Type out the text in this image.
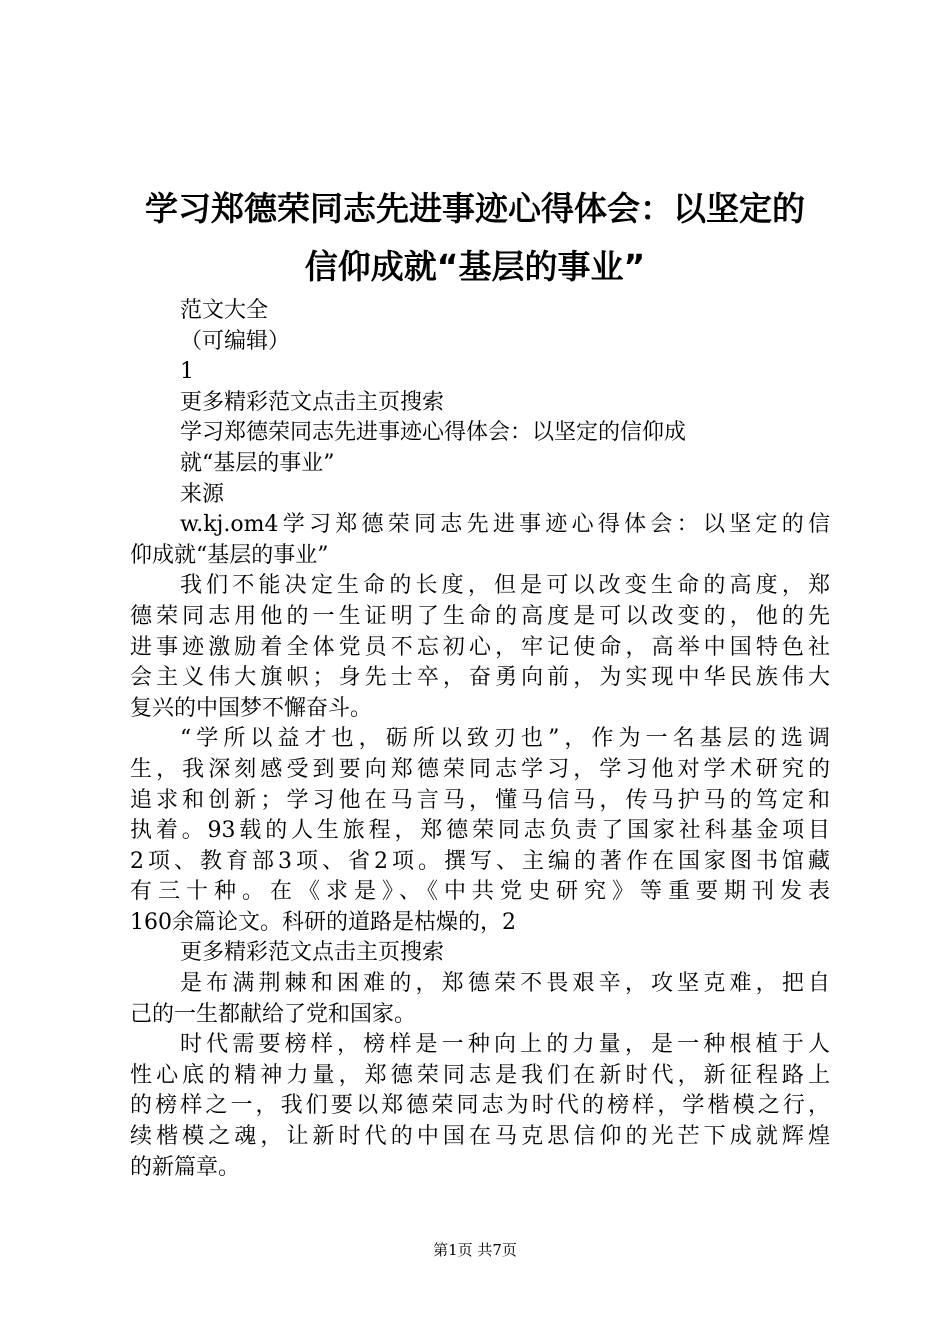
学习郑德荣同志先进事迹心得体会：以坚定的
信仰成就“基层的事业”
范文大全
（可编辑）
1
更多精彩范文点击主页搜索
学习郑德荣同志先进事迹心得体会：以坚定的信仰成
就“基层的事业”
来源
w.kj.om4学习郑德荣同志先进事迹心得体会：以坚定的信
仰成就“基层的事业”
我们不能决定生命的长度，但是可以改变生命的高度，郑
德荣同志用他的一生证明了生命的高度是可以改变的，他的先
进事迹激励着全体党员不忘初心，牢记使命，高举中国特色社
会主义伟大旗帜；身先士卒，奋勇向前，为实现中华民族伟大
复兴的中国梦不懈奋斗。
“学所以益才也，砺所以致刃也”，作为一名基层的选调
生，我深刻感受到要向郑德荣同志学习，学习他对学术研究的
追求和创新；学习他在马言马，懂马信马，传马护马的笃定和
执着。93载的人生旅程，郑德荣同志负责了国家社科基金项目
2项、教育部3项、省2项。撰写、主编的著作在国家图书馆藏
有三十种。在《求是》、《中共党史研究》等重要期刊发表
160余篇论文。科研的道路是枯燥的，2
更多精彩范文点击主页搜索
是布满荆棘和困难的，郑德荣不畏艰辛，攻坚克难，把自
己的一生都献给了党和国家。
时代需要榜样，榜样是一种向上的力量，是一种根植于人
性心底的精神力量，郑德荣同志是我们在新时代，新征程路上
的榜样之一，我们要以郑德荣同志为时代的榜样，学楷模之行，
续楷模之魂，让新时代的中国在马克思信仰的光芒下成就辉煌
的新篇章。
第1页 共7页
